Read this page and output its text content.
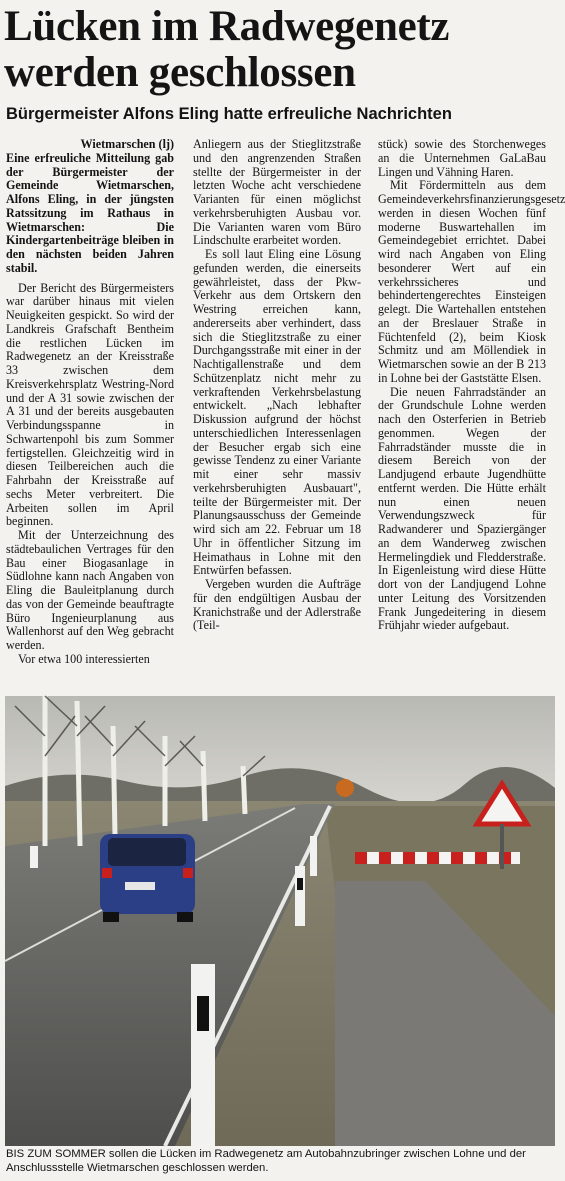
Lücken im Radwegenetz
werden geschlossen
Bürgermeister Alfons Eling hatte erfreuliche Nachrichten

Wietmarschen (lj)
Eine erfreuliche Mitteilung gab der Bürgermeister der Gemeinde Wietmarschen, Alfons Eling, in der jüngsten Ratssitzung im Rathaus in Wietmarschen: Die Kindergartenbeiträge bleiben in den nächsten beiden Jahren stabil.

Der Bericht des Bürgermeisters war darüber hinaus mit vielen Neuigkeiten gespickt. So wird der Landkreis Grafschaft Bentheim die restlichen Lücken im Radwegenetz an der Kreisstraße 33 zwischen dem Kreisverkehrsplatz Westring-Nord und der A 31 sowie zwischen der A 31 und der bereits ausgebauten Verbindungsspanne in Schwartenpohl bis zum Sommer fertigstellen. Gleichzeitig wird in diesen Teilbereichen auch die Fahrbahn der Kreisstraße auf sechs Meter verbreitert. Die Arbeiten sollen im April beginnen.

Mit der Unterzeichnung des städtebaulichen Vertrages für den Bau einer Biogasanlage in Südlohne kann nach Angaben von Eling die Bauleitplanung durch das von der Gemeinde beauftragte Büro Ingenieurplanung aus Wallenhorst auf den Weg gebracht werden.

Vor etwa 100 interessierten

Anliegern aus der Stieglitzstraße und den angrenzenden Straßen stellte der Bürgermeister in der letzten Woche acht verschiedene Varianten für einen möglichst verkehrsberuhigten Ausbau vor. Die Varianten waren vom Büro Lindschulte erarbeitet worden.

Es soll laut Eling eine Lösung gefunden werden, die einerseits gewährleistet, dass der Pkw-Verkehr aus dem Ortskern den Westring erreichen kann, andererseits aber verhindert, dass sich die Stieglitzstraße zu einer Durchgangsstraße mit einer in der Nachtigallenstraße und dem Schützenplatz nicht mehr zu verkraftenden Verkehrsbelastung entwickelt. „Nach lebhafter Diskussion aufgrund der höchst unterschiedlichen Interessenlagen der Besucher ergab sich eine gewisse Tendenz zu einer Variante mit einer sehr massiv verkehrsberuhigten Ausbauart", teilte der Bürgermeister mit. Der Planungsausschuss der Gemeinde wird sich am 22. Februar um 18 Uhr in öffentlicher Sitzung im Heimathaus in Lohne mit den Entwürfen befassen.

Vergeben wurden die Aufträge für den endgültigen Ausbau der Kranichstraße und der Adlerstraße (Teil-

stück) sowie des Storchenweges an die Unternehmen GaLaBau Lingen und Vähning Haren.

Mit Fördermitteln aus dem Gemeindeverkehrsfinanzierungsgesetz werden in diesen Wochen fünf moderne Buswartehallen im Gemeindegebiet errichtet. Dabei wird nach Angaben von Eling besonderer Wert auf ein verkehrssicheres und behindertengerechtes Einsteigen gelegt. Die Wartehallen entstehen an der Breslauer Straße in Füchtenfeld (2), beim Kiosk Schmitz und am Möllendiek in Wietmarschen sowie an der B 213 in Lohne bei der Gaststätte Elsen.

Die neuen Fahrradständer an der Grundschule Lohne werden nach den Osterferien in Betrieb genommen. Wegen der Fahrradständer musste die in diesem Bereich von der Landjugend erbaute Jugendhütte entfernt werden. Die Hütte erhält nun einen neuen Verwendungszweck für Radwanderer und Spaziergänger an dem Wanderweg zwischen Hermelingdiek und Fledderstraße. In Eigenleistung wird diese Hütte dort von der Landjugend Lohne unter Leitung des Vorsitzenden Frank Jungedeitering in diesem Frühjahr wieder aufgebaut.

BIS ZUM SOMMER sollen die Lücken im Radwegenetz am Autobahnzubringer zwischen Lohne und der Anschlussstelle Wietmarschen geschlossen werden.
